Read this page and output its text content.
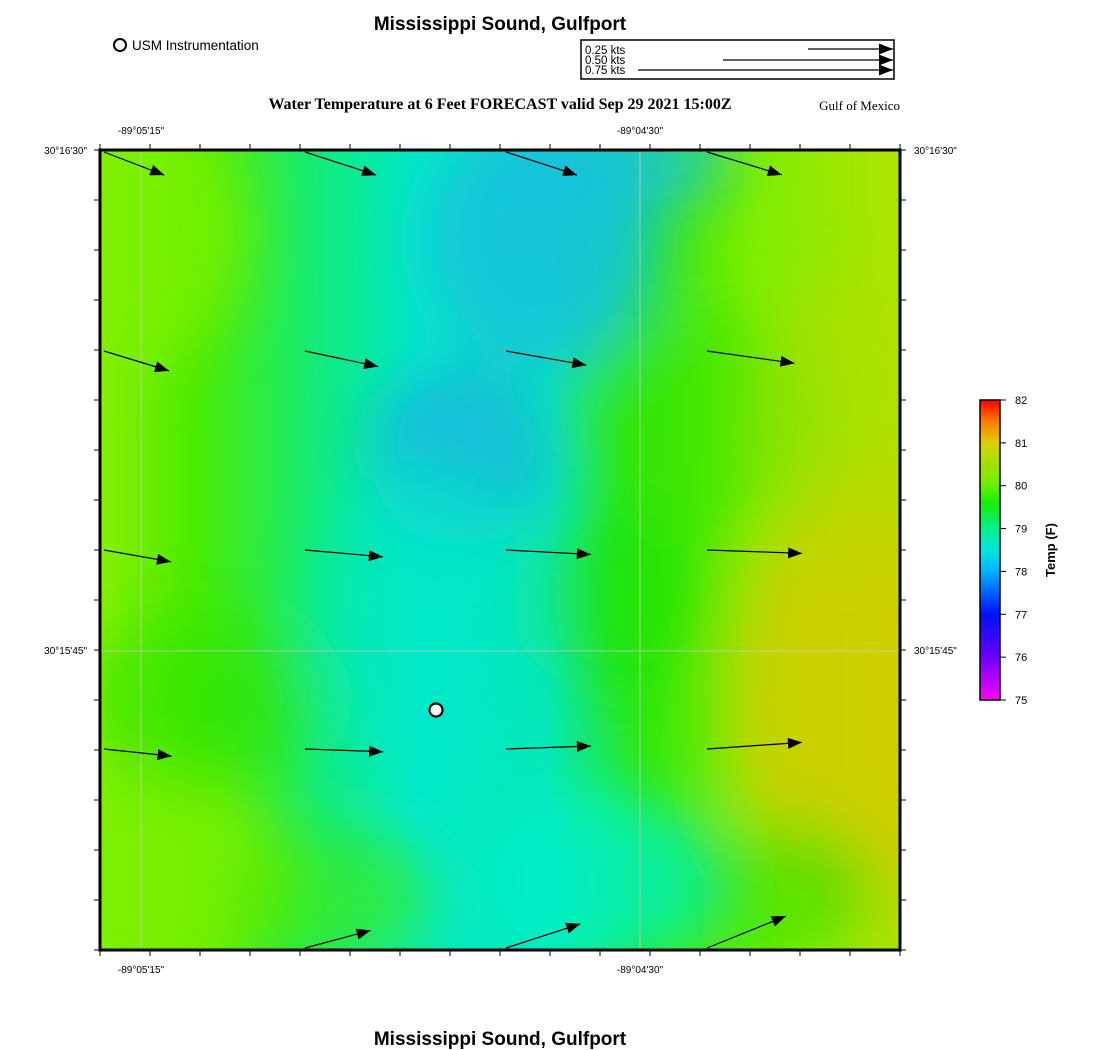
Mississippi Sound, Gulfport
USM Instrumentation	0.25 kts
0.50 kts
0.75 kts
Water Temperature at 6 Feet FORECAST valid Sep 29 2021 15:00Z	Gulf of Mexico
-89°05'15"	-89°04'30"
-89°05'15"	-89°04'30"
30°16'30"
30°15'45"
30°16'30"
30°15'45"
82
81
80
79
78
77
76
75
Temp (F)
Mississippi Sound, Gulfport
